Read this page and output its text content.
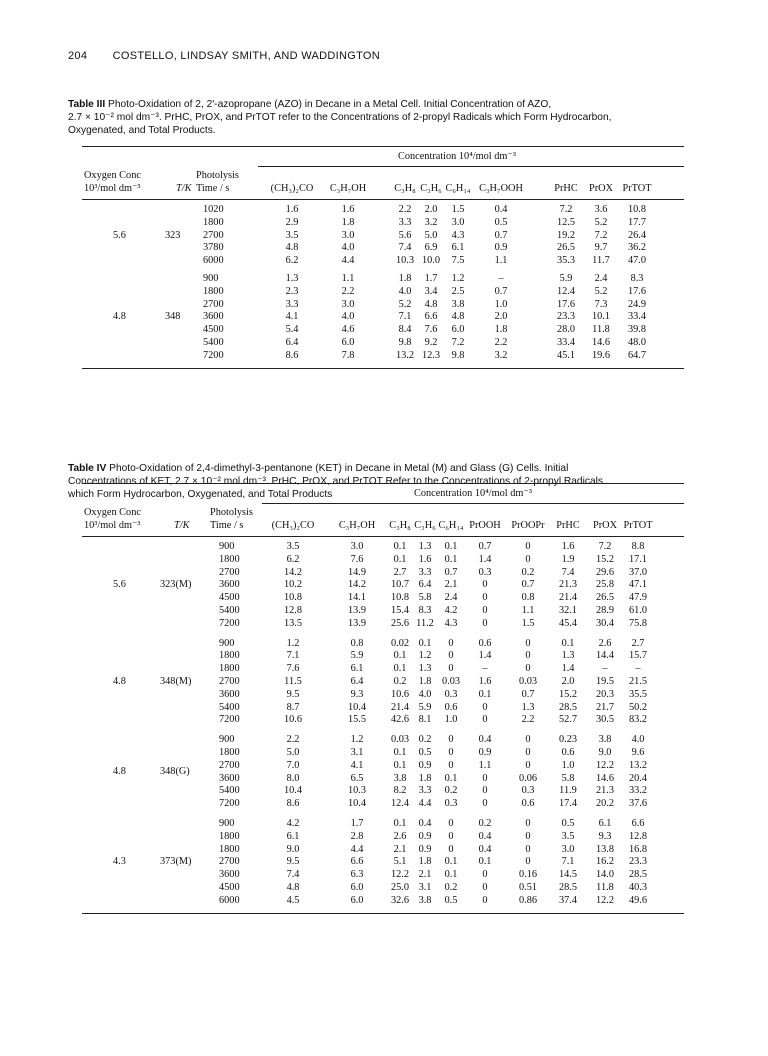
204 COSTELLO, LINDSAY SMITH, AND WADDINGTON
Table III Photo-Oxidation of 2, 2'-azopropane (AZO) in Decane in a Metal Cell. Initial Concentration of AZO,
2.7 × 10⁻² mol dm⁻³. PrHC, PrOX, and PrTOT refer to the Concentrations of 2-propyl Radicals which Form Hydrocarbon,
Oxygenated, and Total Products.
Concentration 10⁴/mol dm⁻³
Oxygen Conc
10³/mol dm⁻³	T/K
Photolysis
Time / s	(CH₃)₂CO	C₃H₇OH	C₃H₈ C₃H₆ C₆H₁₄ C₃H₇OOH	PrHC	PrOX PrTOT
5.6	323
1020	1.6	1.6	2.2	2.0	1.5	0.4	7.2	3.6	10.8
1800	2.9	1.8	3.3	3.2	3.0	0.5	12.5	5.2	17.7
2700	3.5	3.0	5.6	5.0	4.3	0.7	19.2	7.2	26.4
3780	4.8	4.0	7.4	6.9	6.1	0.9	26.5	9.7	36.2
6000	6.2	4.4	10.3 10.0	7.5	1.1	35.3	11.7	47.0
4.8	348
900	1.3	1.1	1.8	1.7	1.2	–	5.9	2.4	8.3
1800	2.3	2.2	4.0	3.4	2.5	0.7	12.4	5.2	17.6
2700	3.3	3.0	5.2	4.8	3.8	1.0	17.6	7.3	24.9
3600	4.1	4.0	7.1	6.6	4.8	2.0	23.3	10.1	33.4
4500	5.4	4.6	8.4	7.6	6.0	1.8	28.0	11.8	39.8
5400	6.4	6.0	9.8	9.2	7.2	2.2	33.4	14.6	48.0
7200	8.6	7.8	13.2 12.3	9.8	3.2	45.1	19.6	64.7
Table IV Photo-Oxidation of 2,4-dimethyl-3-pentanone (KET) in Decane in Metal (M) and Glass (G) Cells. Initial
Concentrations of KET, 2.7 × 10⁻² mol dm⁻³. PrHC, PrOX, and PrTOT Refer to the Concentrations of 2-propyl Radicals
which Form Hydrocarbon, Oxygenated, and Total Products	Concentration 10⁴/mol dm⁻³
Oxygen Conc
10³/mol dm⁻³	T/K
Photolysis
Time / s	(CH₃)₂CO	C₃H₇OH	C₃H₈ C₃H₆ C₆H₁₄ PrOOH	PrOOPr	PrHC	PrOX PrTOT
5.6	323(M)
900	3.5	3.0	0.1	1.3	0.1	0.7	0	1.6	7.2	8.8
1800	6.2	7.6	0.1	1.6	0.1	1.4	0	1.9	15.2	17.1
2700	14.2	14.9	2.7	3.3	0.7	0.3	0.2	7.4	29.6	37.0
3600	10.2	14.2	10.7 6.4	2.1	0	0.7	21.3	25.8	47.1
4500	10.8	14.1	10.8 5.8	2.4	0	0.8	21.4	26.5	47.9
5400	12.8	13.9	15.4 8.3	4.2	0	1.1	32.1	28.9	61.0
7200	13.5	13.9	25.6 11.2	4.3	0	1.5	45.4	30.4	75.8
4.8	348(M)
900	1.2	0.8	0.02 0.1	0	0.6	0	0.1	2.6	2.7
1800	7.1	5.9	0.1	1.2	0	1.4	0	1.3	14.4	15.7
1800	7.6	6.1	0.1	1.3	0	–	0	1.4	–	–
2700	11.5	6.4	0.2	1.8	0.03	1.6	0.03	2.0	19.5	21.5
3600	9.5	9.3	10.6 4.0	0.3	0.1	0.7	15.2	20.3	35.5
5400	8.7	10.4	21.4 5.9	0.6	0	1.3	28.5	21.7	50.2
7200	10.6	15.5	42.6 8.1	1.0	0	2.2	52.7	30.5	83.2
4.8	348(G)
900	2.2	1.2	0.03 0.2	0	0.4	0	0.23	3.8	4.0
1800	5.0	3.1	0.1	0.5	0	0.9	0	0.6	9.0	9.6
2700	7.0	4.1	0.1	0.9	0	1.1	0	1.0	12.2	13.2
3600	8.0	6.5	3.8	1.8	0.1	0	0.06	5.8	14.6	20.4
5400	10.4	10.3	8.2	3.3	0.2	0	0.3	11.9	21.3	33.2
7200	8.6	10.4	12.4 4.4	0.3	0	0.6	17.4	20.2	37.6
4.3	373(M)
900	4.2	1.7	0.1	0.4	0	0.2	0	0.5	6.1	6.6
1800	6.1	2.8	2.6	0.9	0	0.4	0	3.5	9.3	12.8
1800	9.0	4.4	2.1	0.9	0	0.4	0	3.0	13.8	16.8
2700	9.5	6.6	5.1	1.8	0.1	0.1	0	7.1	16.2	23.3
3600	7.4	6.3	12.2 2.1	0.1	0	0.16	14.5	14.0	28.5
4500	4.8	6.0	25.0 3.1	0.2	0	0.51	28.5	11.8	40.3
6000	4.5	6.0	32.6 3.8	0.5	0	0.86	37.4	12.2	49.6
